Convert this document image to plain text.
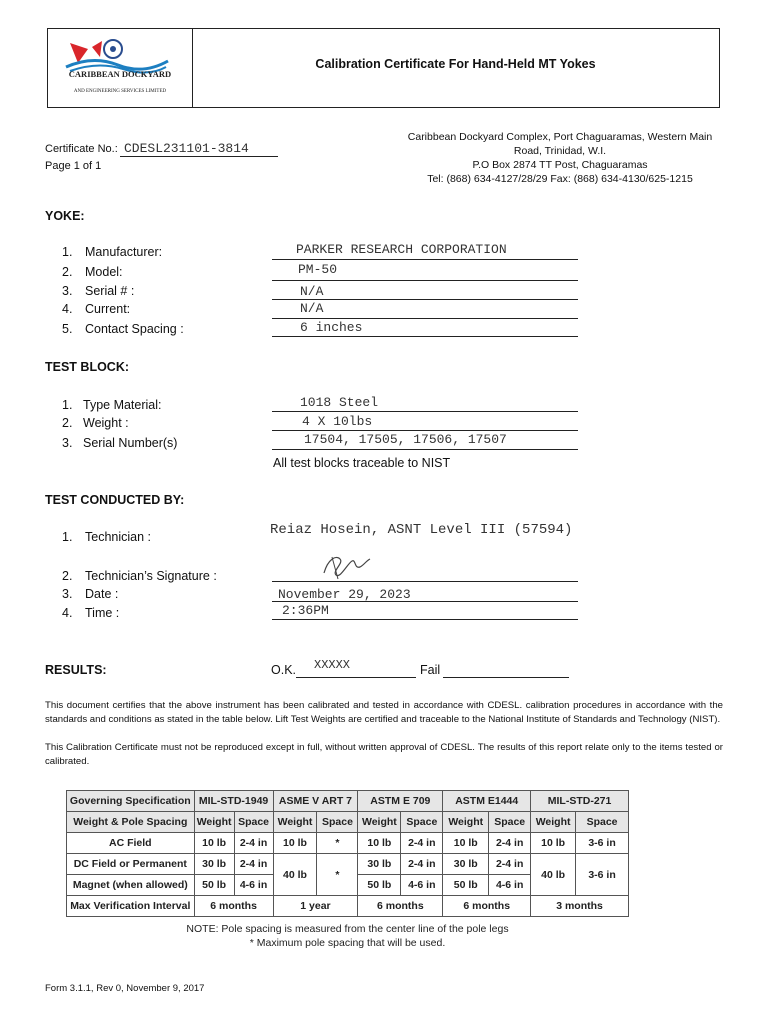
CARIBBEAN DOCKYARD
AND ENGINEERING SERVICES LIMITED
Calibration Certificate For Hand-Held MT Yokes
Certificate No.: CDESL231101-3814
Page 1 of 1
Caribbean Dockyard Complex, Port Chaguaramas, Western Main
Road, Trinidad, W.I.
P.O Box 2874 TT Post, Chaguaramas
Tel: (868) 634-4127/28/29 Fax: (868) 634-4130/625-1215
YOKE:
1. Manufacturer:	PARKER RESEARCH CORPORATION
2. Model:	PM-50
3. Serial # :	N/A
4. Current:	N/A
5. Contact Spacing :	6 inches
TEST BLOCK:
1. Type Material:	1018 Steel
2. Weight :	4 X 10lbs
3. Serial Number(s)	17504, 17505, 17506, 17507
All test blocks traceable to NIST
TEST CONDUCTED BY:
1. Technician :	Reiaz Hosein, ASNT Level III (57594)
2. Technician’s Signature :
3. Date :	November 29, 2023
4. Time :	2:36PM
RESULTS:	O.K. XXXXX	Fail
This document certifies that the above instrument has been calibrated and tested in accordance with CDESL. calibration procedures in accordance with the standards and conditions as stated in the table below. Lift Test Weights are certified and traceable to the National Institute of Standards and Technology (NIST).
This Calibration Certificate must not be reproduced except in full, without written approval of CDESL. The results of this report relate only to the items tested or calibrated.
Governing Specification	MIL-STD-1949		ASME V ART 7		ASTM E 709		ASTM E1444		MIL-STD-271	
Weight & Pole Spacing	Weight	Space	Weight	Space	Weight	Space	Weight	Space	Weight	Space
AC Field	10 lb	2-4 in	10 lb	*	10 lb	2-4 in	10 lb	2-4 in	10 lb	3-6 in
DC Field or Permanent	30 lb	2-4 in	40 lb	*	30 lb	2-4 in	30 lb	2-4 in	40 lb	3-6 in
Magnet (when allowed)	50 lb	4-6 in			50 lb	4-6 in	50 lb	4-6 in		
Max Verification Interval	6 months		1 year		6 months		6 months		3 months	
NOTE: Pole spacing is measured from the center line of the pole legs
* Maximum pole spacing that will be used.
Form 3.1.1, Rev 0, November 9, 2017
